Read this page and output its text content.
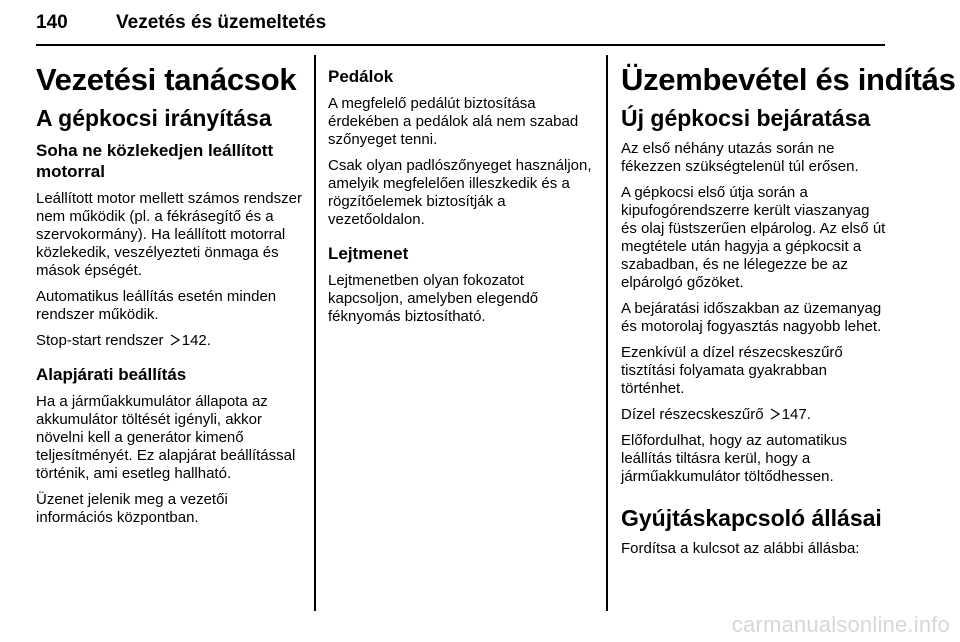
140	Vezetés és üzemeltetés
Vezetési tanácsok
A gépkocsi irányítása
Soha ne közlekedjen leállított motorral

Leállított motor mellett számos rendszer nem működik (pl. a fékrásegítő és a szervokormány). Ha leállított motorral közlekedik, veszélyezteti önmaga és mások épségét.

Automatikus leállítás esetén minden rendszer működik.

Stop-start rendszer 142.

Alapjárati beállítás

Ha a járműakkumulátor állapota az akkumulátor töltését igényli, akkor növelni kell a generátor kimenő teljesítményét. Ez alapjárat beállítással történik, ami esetleg hallható.

Üzenet jelenik meg a vezetői információs központban.

Pedálok

A megfelelő pedálút biztosítása érdekében a pedálok alá nem szabad szőnyeget tenni.

Csak olyan padlószőnyeget használjon, amelyik megfelelően illeszkedik és a rögzítőelemek biztosítják a vezetőoldalon.

Lejtmenet

Lejtmenetben olyan fokozatot kapcsoljon, amelyben elegendő féknyomás biztosítható.

Üzembevétel és indítás
Új gépkocsi bejáratása

Az első néhány utazás során ne fékezzen szükségtelenül túl erősen.

A gépkocsi első útja során a kipufogórendszerre került viaszanyag és olaj füstszerűen elpárolog. Az első út megtétele után hagyja a gépkocsit a szabadban, és ne lélegezze be az elpárolgó gőzöket.

A bejáratási időszakban az üzemanyag és motorolaj fogyasztás nagyobb lehet.

Ezenkívül a dízel részecskeszűrő tisztítási folyamata gyakrabban történhet.

Dízel részecskeszűrő 147.

Előfordulhat, hogy az automatikus leállítás tiltásra kerül, hogy a járműakkumulátor töltődhessen.

Gyújtáskapcsoló állásai

Fordítsa a kulcsot az alábbi állásba:

carmanualsonline.info
